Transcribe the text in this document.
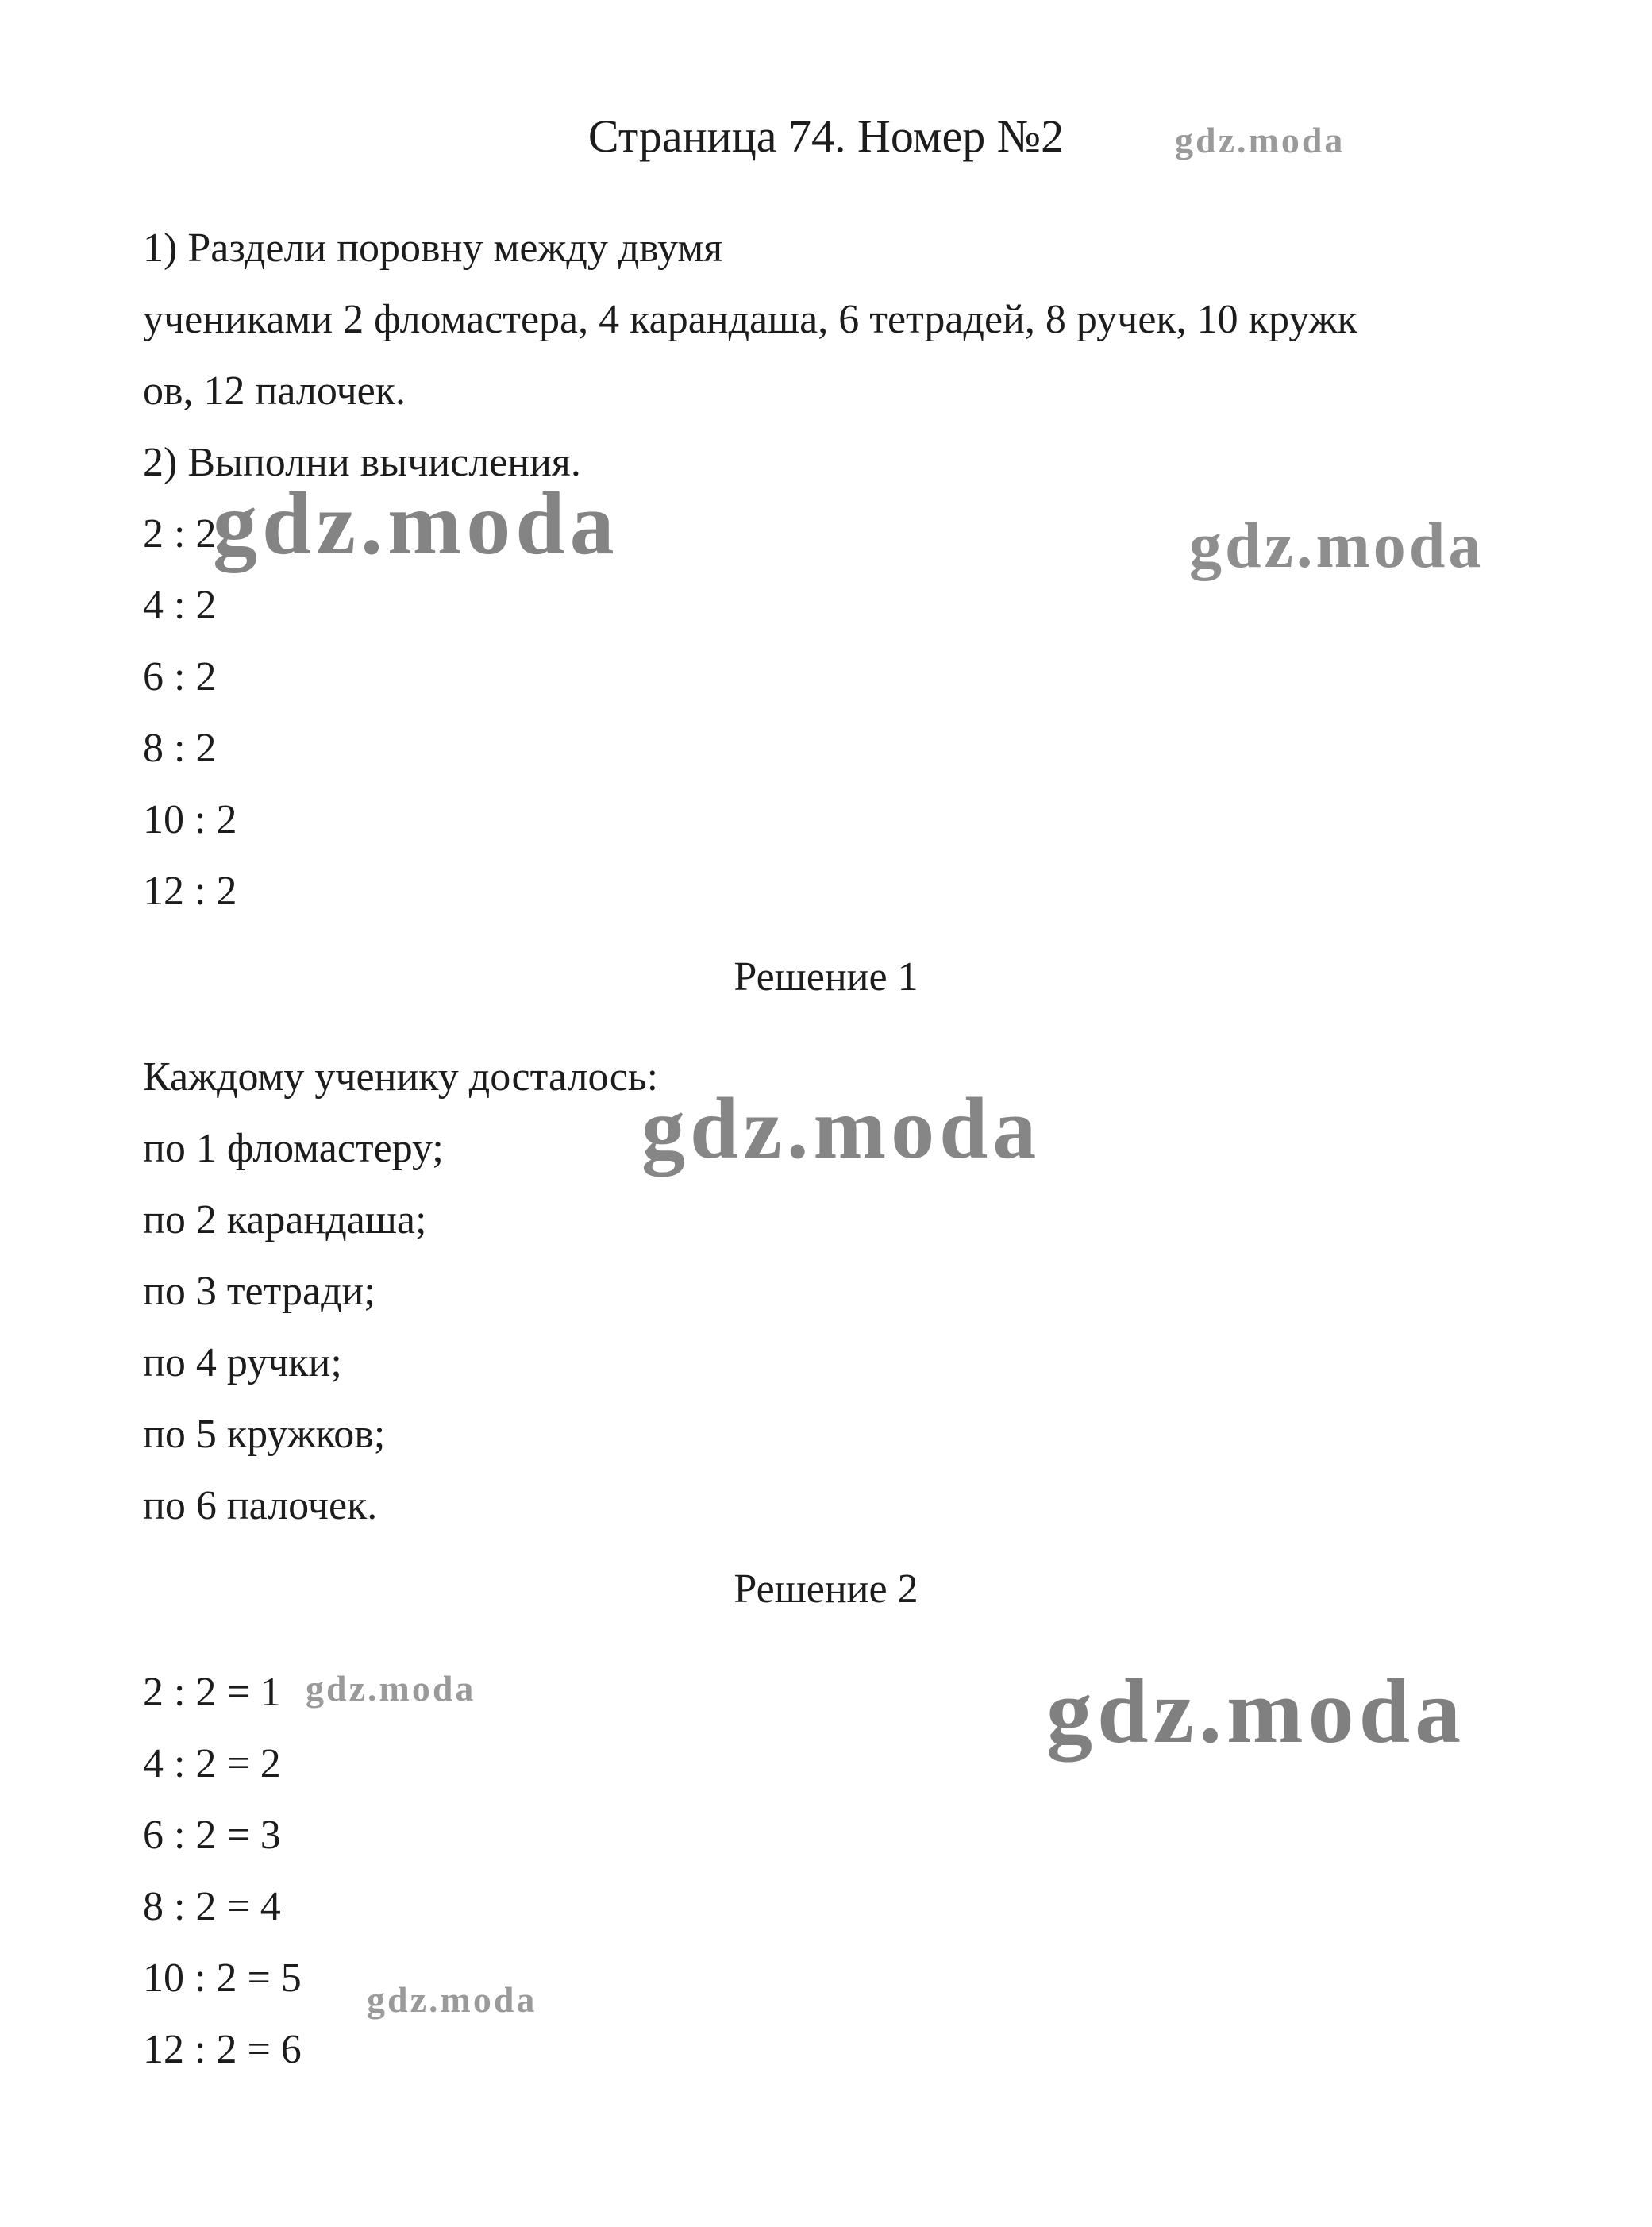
Страница 74. Номер №2
1) Раздели поровну между двумя
учениками 2 фломастера, 4 карандаша, 6 тетрадей, 8 ручек, 10 кружк
ов, 12 палочек.
2) Выполни вычисления.
2 : 2
4 : 2
6 : 2
8 : 2
10 : 2
12 : 2
Решение 1
Каждому ученику досталось:
по 1 фломастеру;
по 2 карандаша;
по 3 тетради;
по 4 ручки;
по 5 кружков;
по 6 палочек.
Решение 2
2 : 2 = 1
4 : 2 = 2
6 : 2 = 3
8 : 2 = 4
10 : 2 = 5
12 : 2 = 6
gdz.moda
gdz.moda	gdz.moda
gdz.moda
gdz.moda	gdz.moda
gdz.moda
